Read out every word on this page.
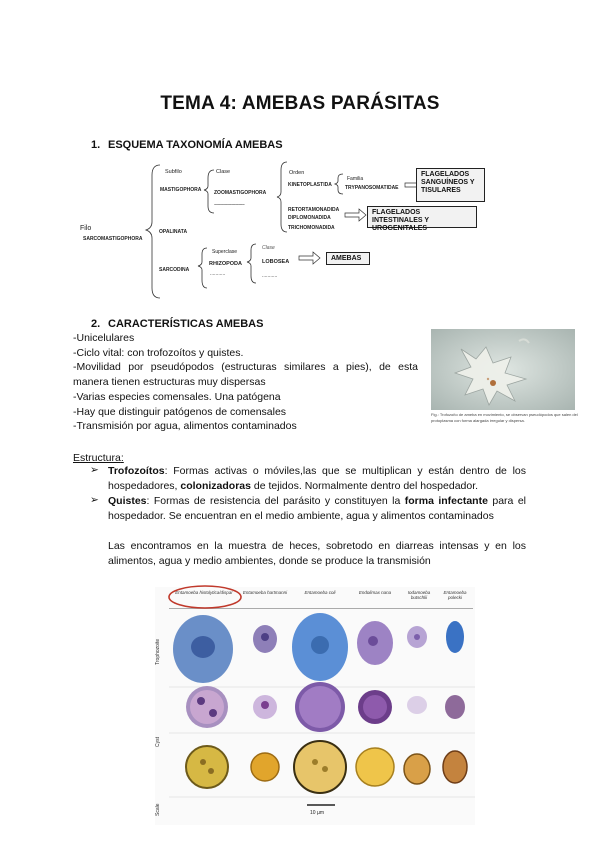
TEMA 4: AMEBAS PARÁSITAS
1. ESQUEMA TAXONOMÍA AMEBAS
Filo
SARCOMASTIGOPHORA
Subfilo
MASTIGOPHORA
OPALINATA
SARCODINA
Clase
ZOOMASTIGOPHORA
--------------------------
Orden
KINETOPLASTIDA
RETORTAMONADIDA
DIPLOMONADIDA
TRICHOMONADIDA
Familia
TRYPANOSOMATIDAE
Superclase
RHIZOPODA
...........
Clase
LOBOSEA
...........
FLAGELADOS SANGUÍNEOS Y TISULARES
FLAGELADOS INTESTINALES Y UROGENITALES
AMEBAS
2. CARACTERÍSTICAS AMEBAS
-Unicelulares
-Ciclo vital: con trofozoítos y quistes.
-Movilidad por pseudópodos (estructuras similares a pies), de esta manera tienen estructuras muy dispersas
-Varias especies comensales. Una patógena
-Hay que distinguir patógenos de comensales
-Transmisión por agua, alimentos contaminados
Fig.: Trofozoíto de ameba en movimiento, se observan pseudópodos que salen del protoplasma con forma alargada irregular y dispersa.
Estructura:
➢ Trofozoítos: Formas activas o móviles,las que se multiplican y están dentro de los hospedadores, colonizadoras de tejidos. Normalmente dentro del hospedador.
➢ Quistes: Formas de resistencia del parásito y constituyen la forma infectante para el hospedador. Se encuentran en el medio ambiente, agua y alimentos contaminados
Las encontramos en la muestra de heces, sobretodo en diarreas intensas y en los alimentos, agua y medio ambientes, donde se produce la transmisión
Entamoeba histolytica/dispar	Entamoeba hartmanni	Entamoeba coli	Endolimax nana	Iodamoeba butschlii
Entamoeba polecki
Trophozoite
Cyst
Scale	10 µm
